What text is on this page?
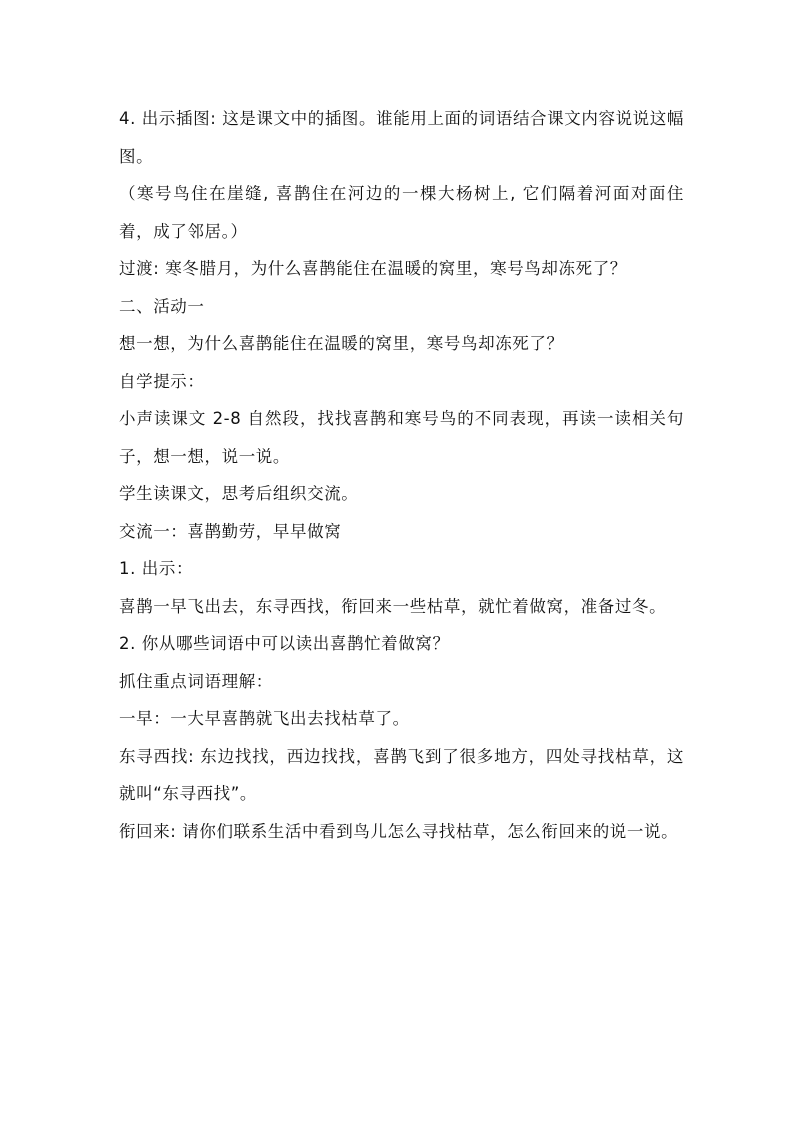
4. 出示插图: 这是课文中的插图。谁能用上面的词语结合课文内容说说这幅图。

（寒号鸟住在崖缝, 喜鹊住在河边的一棵大杨树上, 它们隔着河面对面住着，成了邻居。）

过渡: 寒冬腊月，为什么喜鹊能住在温暖的窝里，寒号鸟却冻死了？

二、活动一

想一想，为什么喜鹊能住在温暖的窝里，寒号鸟却冻死了？

自学提示：

小声读课文 2-8 自然段，找找喜鹊和寒号鸟的不同表现，再读一读相关句子，想一想，说一说。

学生读课文，思考后组织交流。

交流一：喜鹊勤劳，早早做窝

1. 出示：

喜鹊一早飞出去，东寻西找，衔回来一些枯草，就忙着做窝，准备过冬。

2. 你从哪些词语中可以读出喜鹊忙着做窝？

抓住重点词语理解：

一早：一大早喜鹊就飞出去找枯草了。

东寻西找: 东边找找，西边找找，喜鹊飞到了很多地方，四处寻找枯草，这就叫“东寻西找”。

衔回来: 请你们联系生活中看到鸟儿怎么寻找枯草，怎么衔回来的说一说。
